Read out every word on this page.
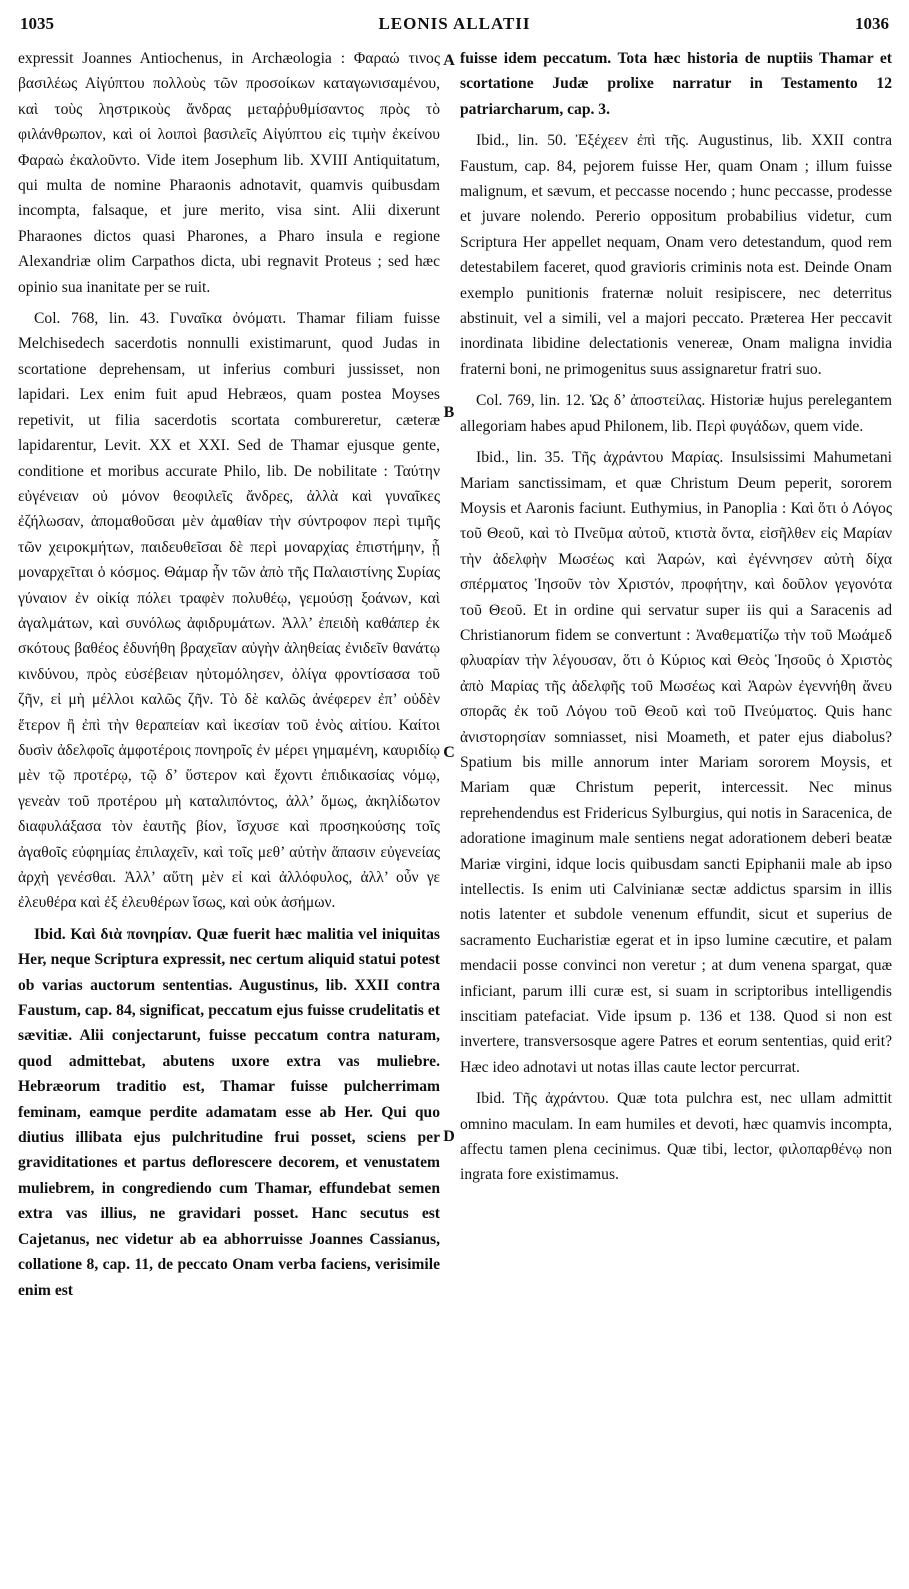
1035	LEONIS ALLATII	1036
A
B
C
D

expressit Joannes Antiochenus, in Archæologia : Φαραώ τινος βασιλέως Αἰγύπτου πολλοὺς τῶν προσοίκων καταγωνισαμένου, καὶ τοὺς ληστρικοὺς ἄνδρας μεταῤῥυθμίσαντος πρὸς τὸ φιλάνθρωπον, καὶ οἱ λοιποὶ βασιλεῖς Αἰγύπτου εἰς τιμὴν ἐκείνου Φαραὼ ἐκαλοῦντο. Vide item Josephum lib. XVIII Antiquitatum, qui multa de nomine Pharaonis adnotavit, quamvis quibusdam incompta, falsaque, et jure merito, visa sint. Alii dixerunt Pharaones dictos quasi Pharones, a Pharo insula e regione Alexandriæ olim Carpathos dicta, ubi regnavit Proteus ; sed hæc opinio sua inanitate per se ruit.

Col. 768, lin. 43. Γυναῖκα ὀνόματι. Thamar filiam fuisse Melchisedech sacerdotis nonnulli existimarunt, quod Judas in scortatione deprehensam, ut inferius comburi jussisset, non lapidari. Lex enim fuit apud Hebræos, quam postea Moyses repetivit, ut filia sacerdotis scortata combureretur, cæteræ lapidarentur, Levit. XX et XXI. Sed de Thamar ejusque gente, conditione et moribus accurate Philo, lib. De nobilitate : Ταύτην εὐγένειαν οὐ μόνον θεοφιλεῖς ἄνδρες, ἀλλὰ καὶ γυναῖκες ἐζήλωσαν, ἀπομαθοῦσαι μὲν ἀμαθίαν τὴν σύντροφον περὶ τιμῆς τῶν χειροκμήτων, παιδευθεῖσαι δὲ περὶ μοναρχίας ἐπιστήμην, ᾗ μοναρχεῖται ὁ κόσμος. Θάμαρ ἦν τῶν ἀπὸ τῆς Παλαιστίνης Συρίας γύναιον ἐν οἰκίᾳ πόλει τραφὲν πολυθέῳ, γεμούσῃ ξοάνων, καὶ ἀγαλμάτων, καὶ συνόλως ἀφιδρυμάτων. Ἀλλ’ ἐπειδὴ καθάπερ ἐκ σκότους βαθέος ἐδυνήθη βραχεῖαν αὐγὴν ἀληθείας ἐνιδεῖν θανάτῳ κινδύνου, πρὸς εὐσέβειαν ηὐτομόλησεν, ὀλίγα φροντίσασα τοῦ ζῆν, εἰ μὴ μέλλοι καλῶς ζῆν. Τὸ δὲ καλῶς ἀνέφερεν ἐπ’ οὐδὲν ἕτερον ἢ ἐπὶ τὴν θεραπείαν καὶ ἱκεσίαν τοῦ ἑνὸς αἰτίου. Καίτοι δυσὶν ἀδελφοῖς ἀμφοτέροις πονηροῖς ἐν μέρει γημαμένη, καυριδίῳ μὲν τῷ προτέρῳ, τῷ δ’ ὕστερον καὶ ἔχοντι ἐπιδικασίας νόμῳ, γενεὰν τοῦ προτέρου μὴ καταλιπόντος, ἀλλ’ ὅμως, ἀκηλίδωτον διαφυλάξασα τὸν ἑαυτῆς βίον, ἴσχυσε καὶ προσηκούσης τοῖς ἀγαθοῖς εὐφημίας ἐπιλαχεῖν, καὶ τοῖς μεθ’ αὐτὴν ἅπασιν εὐγενείας ἀρχὴ γενέσθαι. Ἀλλ’ αὕτη μὲν εἰ καὶ ἀλλόφυλος, ἀλλ’ οὖν γε ἐλευθέρα καὶ ἐξ ἐλευθέρων ἴσως, καὶ οὐκ ἀσήμων.

Ibid. Καὶ διὰ πονηρίαν. Quæ fuerit hæc malitia vel iniquitas Her, neque Scriptura expressit, nec certum aliquid statui potest ob varias auctorum sententias. Augustinus, lib. XXII contra Faustum, cap. 84, significat, peccatum ejus fuisse crudelitatis et sævitiæ. Alii conjectarunt, fuisse peccatum contra naturam, quod admittebat, abutens uxore extra vas muliebre. Hebræorum traditio est, Thamar fuisse pulcherrimam feminam, eamque perdite adamatam esse ab Her. Qui quo diutius illibata ejus pulchritudine frui posset, sciens per graviditationes et partus deflorescere decorem, et venustatem muliebrem, in congrediendo cum Thamar, effundebat semen extra vas illius, ne gravidari posset. Hanc secutus est Cajetanus, nec videtur ab ea abhorruisse Joannes Cassianus, collatione 8, cap. 11, de peccato Onam verba faciens, verisimile enim est

fuisse idem peccatum. Tota hæc historia de nuptiis Thamar et scortatione Judæ prolixe narratur in Testamento 12 patriarcharum, cap. 3.

Ibid., lin. 50. Ἐξέχεεν ἐπὶ τῆς. Augustinus, lib. XXII contra Faustum, cap. 84, pejorem fuisse Her, quam Onam ; illum fuisse malignum, et sævum, et peccasse nocendo ; hunc peccasse, prodesse et juvare nolendo. Pererio oppositum probabilius videtur, cum Scriptura Her appellet nequam, Onam vero detestandum, quod rem detestabilem faceret, quod gravioris criminis nota est. Deinde Onam exemplo punitionis fraternæ noluit resipiscere, nec deterritus abstinuit, vel a simili, vel a majori peccato. Præterea Her peccavit inordinata libidine delectationis venereæ, Onam maligna invidia fraterni boni, ne primogenitus suus assignaretur fratri suo.

Col. 769, lin. 12. Ὡς δ’ ἀποστείλας. Historiæ hujus perelegantem allegoriam habes apud Philonem, lib. Περὶ φυγάδων, quem vide.

Ibid., lin. 35. Τῆς ἀχράντου Μαρίας. Insulsissimi Mahumetani Mariam sanctissimam, et quæ Christum Deum peperit, sororem Moysis et Aaronis faciunt. Euthymius, in Panoplia : Καὶ ὅτι ὁ Λόγος τοῦ Θεοῦ, καὶ τὸ Πνεῦμα αὐτοῦ, κτιστὰ ὄντα, εἰσῆλθεν εἰς Μαρίαν τὴν ἀδελφὴν Μωσέως καὶ Ἀαρών, καὶ ἐγέννησεν αὐτὴ δίχα σπέρματος Ἰησοῦν τὸν Χριστόν, προφήτην, καὶ δοῦλον γεγονότα τοῦ Θεοῦ. Et in ordine qui servatur super iis qui a Saracenis ad Christianorum fidem se convertunt : Ἀναθεματίζω τὴν τοῦ Μωάμεδ φλυαρίαν τὴν λέγουσαν, ὅτι ὁ Κύριος καὶ Θεὸς Ἰησοῦς ὁ Χριστὸς ἀπὸ Μαρίας τῆς ἀδελφῆς τοῦ Μωσέως καὶ Ἀαρὼν ἐγεννήθη ἄνευ σπορᾶς ἐκ τοῦ Λόγου τοῦ Θεοῦ καὶ τοῦ Πνεύματος. Quis hanc ἀνιστορησίαν somniasset, nisi Moameth, et pater ejus diabolus? Spatium bis mille annorum inter Mariam sororem Moysis, et Mariam quæ Christum peperit, intercessit. Nec minus reprehendendus est Fridericus Sylburgius, qui notis in Saracenica, de adoratione imaginum male sentiens negat adorationem deberi beatæ Mariæ virgini, idque locis quibusdam sancti Epiphanii male ab ipso intellectis. Is enim uti Calvinianæ sectæ addictus sparsim in illis notis latenter et subdole venenum effundit, sicut et superius de sacramento Eucharistiæ egerat et in ipso lumine cæcutire, et palam mendacii posse convinci non veretur ; at dum venena spargat, quæ inficiant, parum illi curæ est, si suam in scriptoribus intelligendis inscitiam patefaciat. Vide ipsum p. 136 et 138. Quod si non est invertere, transversosque agere Patres et eorum sententias, quid erit? Hæc ideo adnotavi ut notas illas caute lector percurrat.

Ibid. Τῆς ἀχράντου. Quæ tota pulchra est, nec ullam admittit omnino maculam. In eam humiles et devoti, hæc quamvis incompta, affectu tamen plena cecinimus. Quæ tibi, lector, φιλοπαρθένῳ non ingrata fore existimamus.
